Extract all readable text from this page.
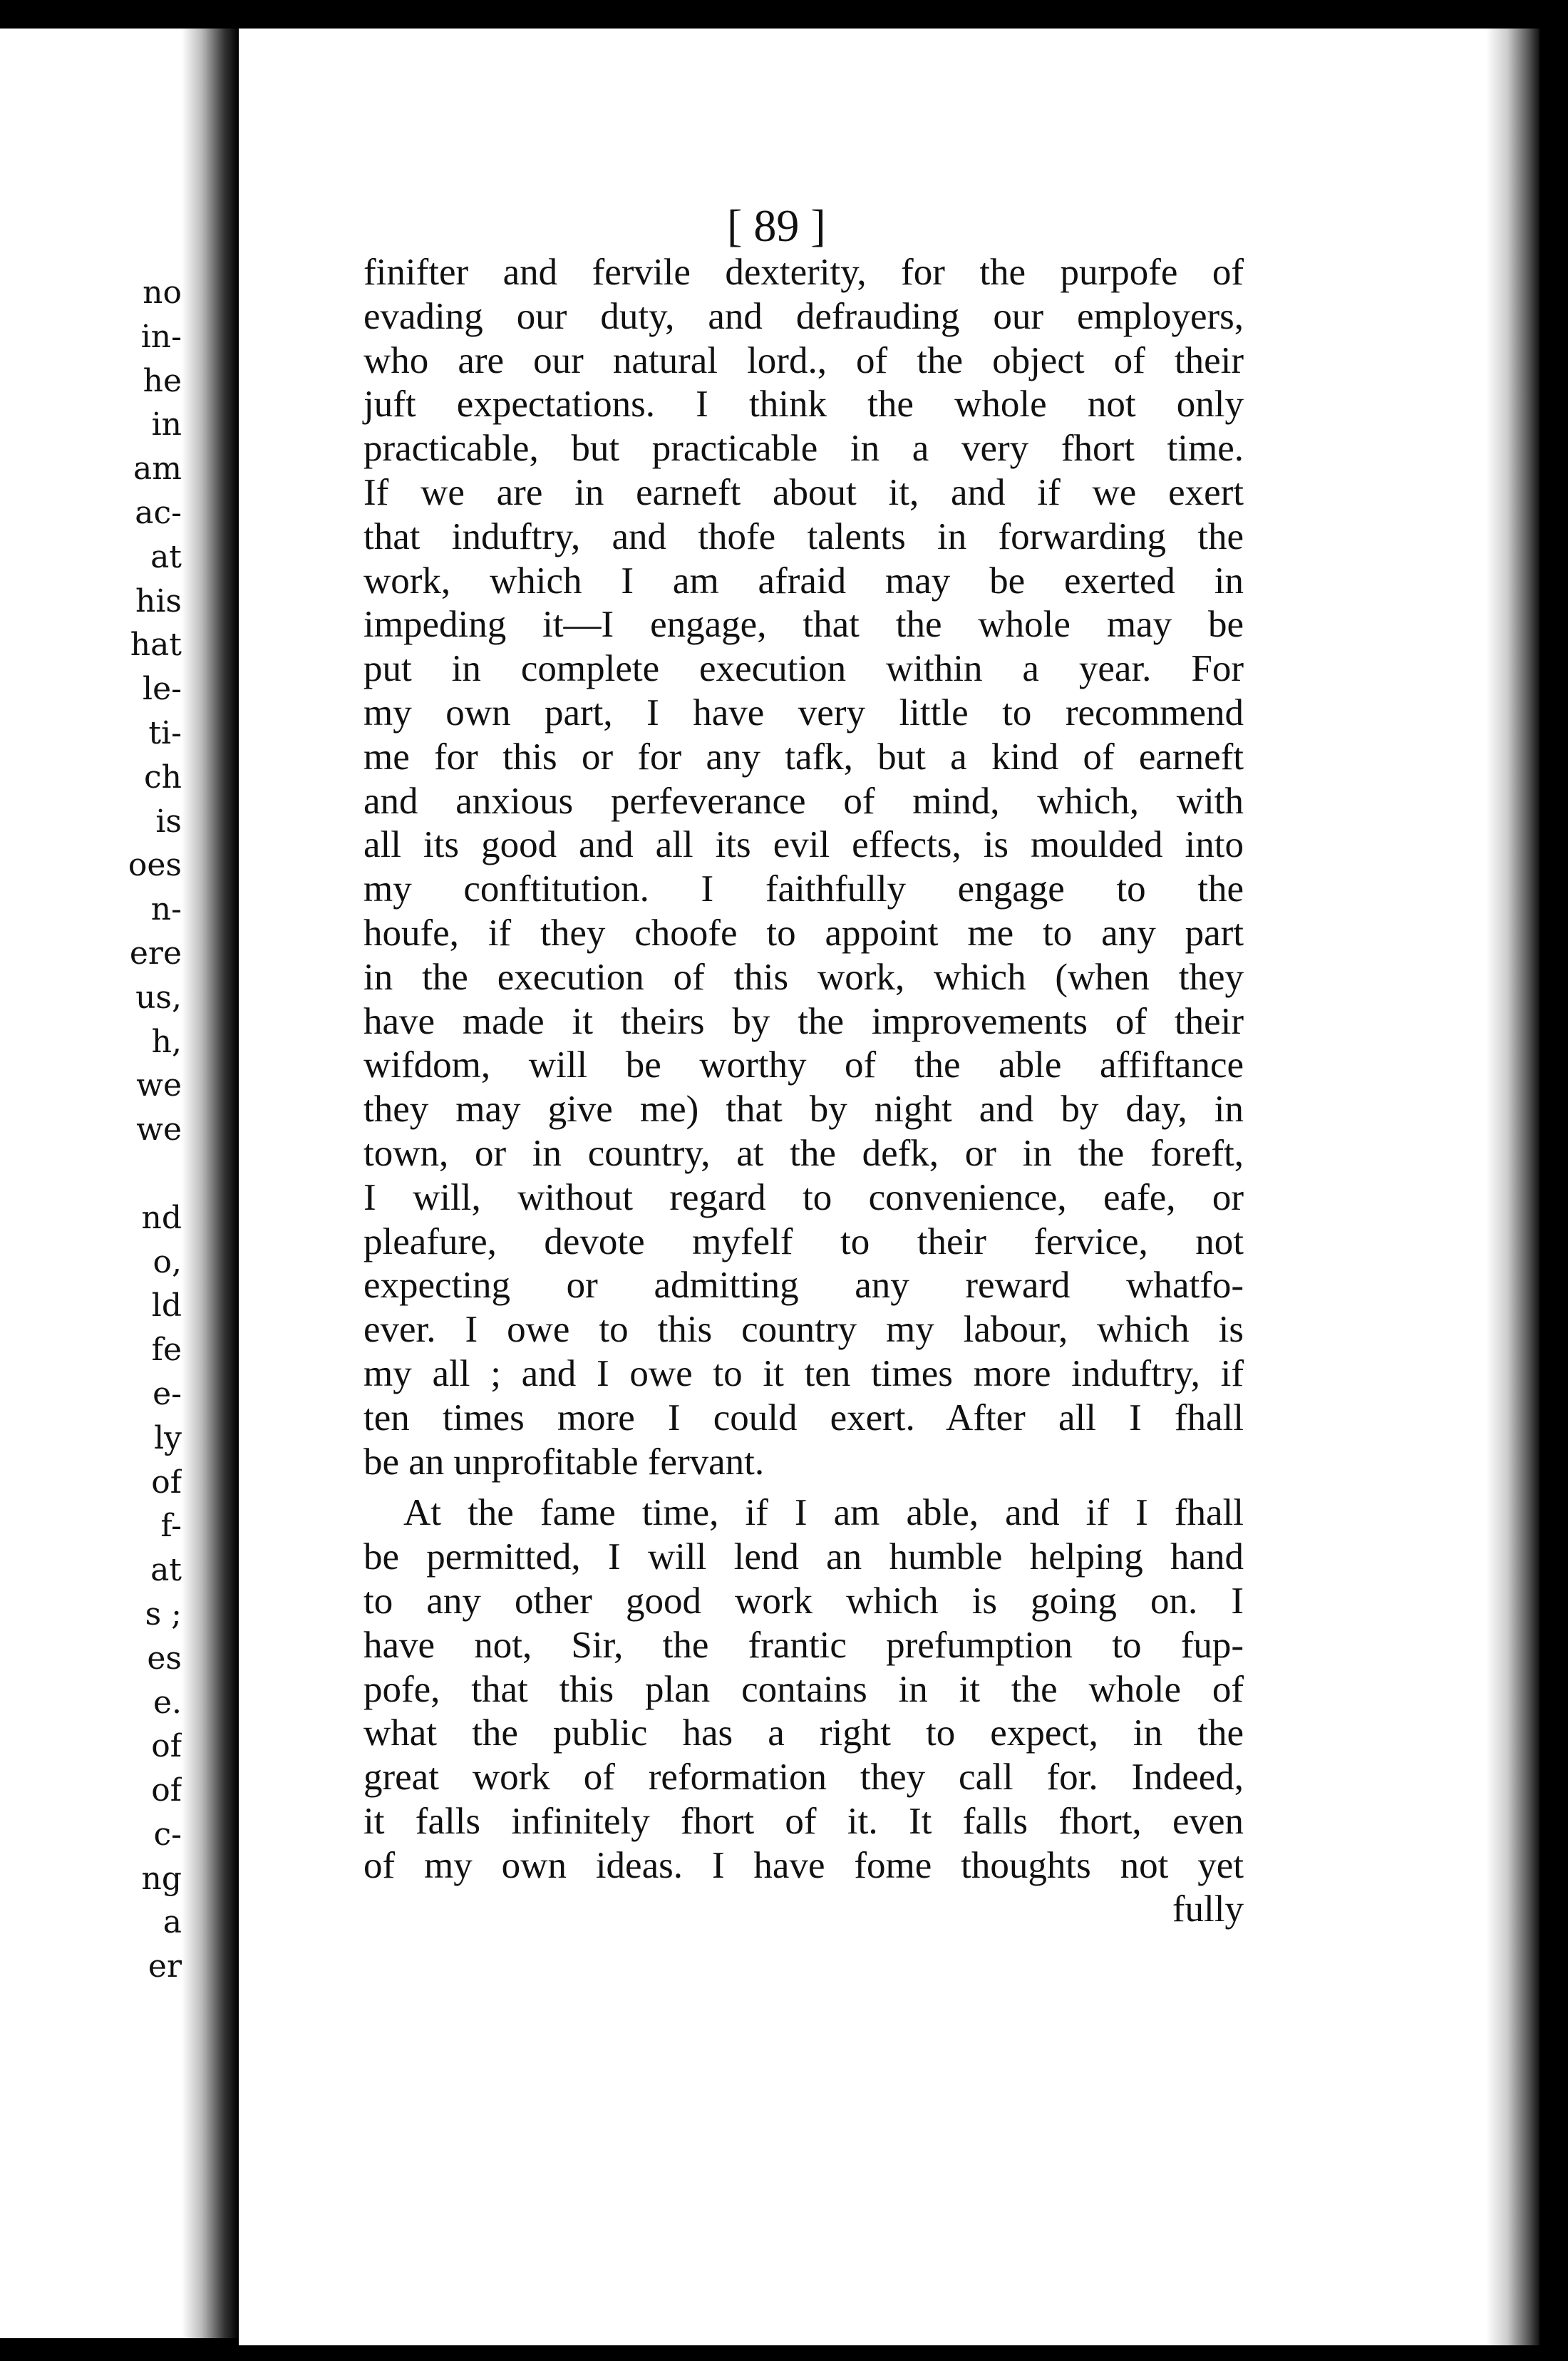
no
in-
he
in
am
ac-
at
his
hat
le-
ti-
ch
is
oes
n-
ere
us,
h,
we
we
nd
o,
ld
fe
e-
ly
of
f-
at
s ;
es
e.
of
of
c-
ng
a
er
[ 89 ]
finifter and fervile dexterity, for the purpofe of
evading our duty, and defrauding our employers,
who are our natural lord., of the object of their
juft expectations. I think the whole not only
practicable, but practicable in a very fhort time.
If we are in earneft about it, and if we exert
that induftry, and thofe talents in forwarding the
work, which I am afraid may be exerted in
impeding it—I engage, that the whole may be
put in complete execution within a year. For
my own part, I have very little to recommend
me for this or for any tafk, but a kind of earneft
and anxious perfeverance of mind, which, with
all its good and all its evil effects, is moulded into
my conftitution. I faithfully engage to the
houfe, if they choofe to appoint me to any part
in the execution of this work, which (when they
have made it theirs by the improvements of their
wifdom, will be worthy of the able affiftance
they may give me) that by night and by day, in
town, or in country, at the defk, or in the foreft,
I will, without regard to convenience, eafe, or
pleafure, devote myfelf to their fervice, not
expecting or admitting any reward whatfo-
ever. I owe to this country my labour, which is
my all ; and I owe to it ten times more induftry, if
ten times more I could exert. After all I fhall
be an unprofitable fervant.
At the fame time, if I am able, and if I fhall
be permitted, I will lend an humble helping hand
to any other good work which is going on. I
have not, Sir, the frantic prefumption to fup-
pofe, that this plan contains in it the whole of
what the public has a right to expect, in the
great work of reformation they call for. Indeed,
it falls infinitely fhort of it. It falls fhort, even
of my own ideas. I have fome thoughts not yet
fully
